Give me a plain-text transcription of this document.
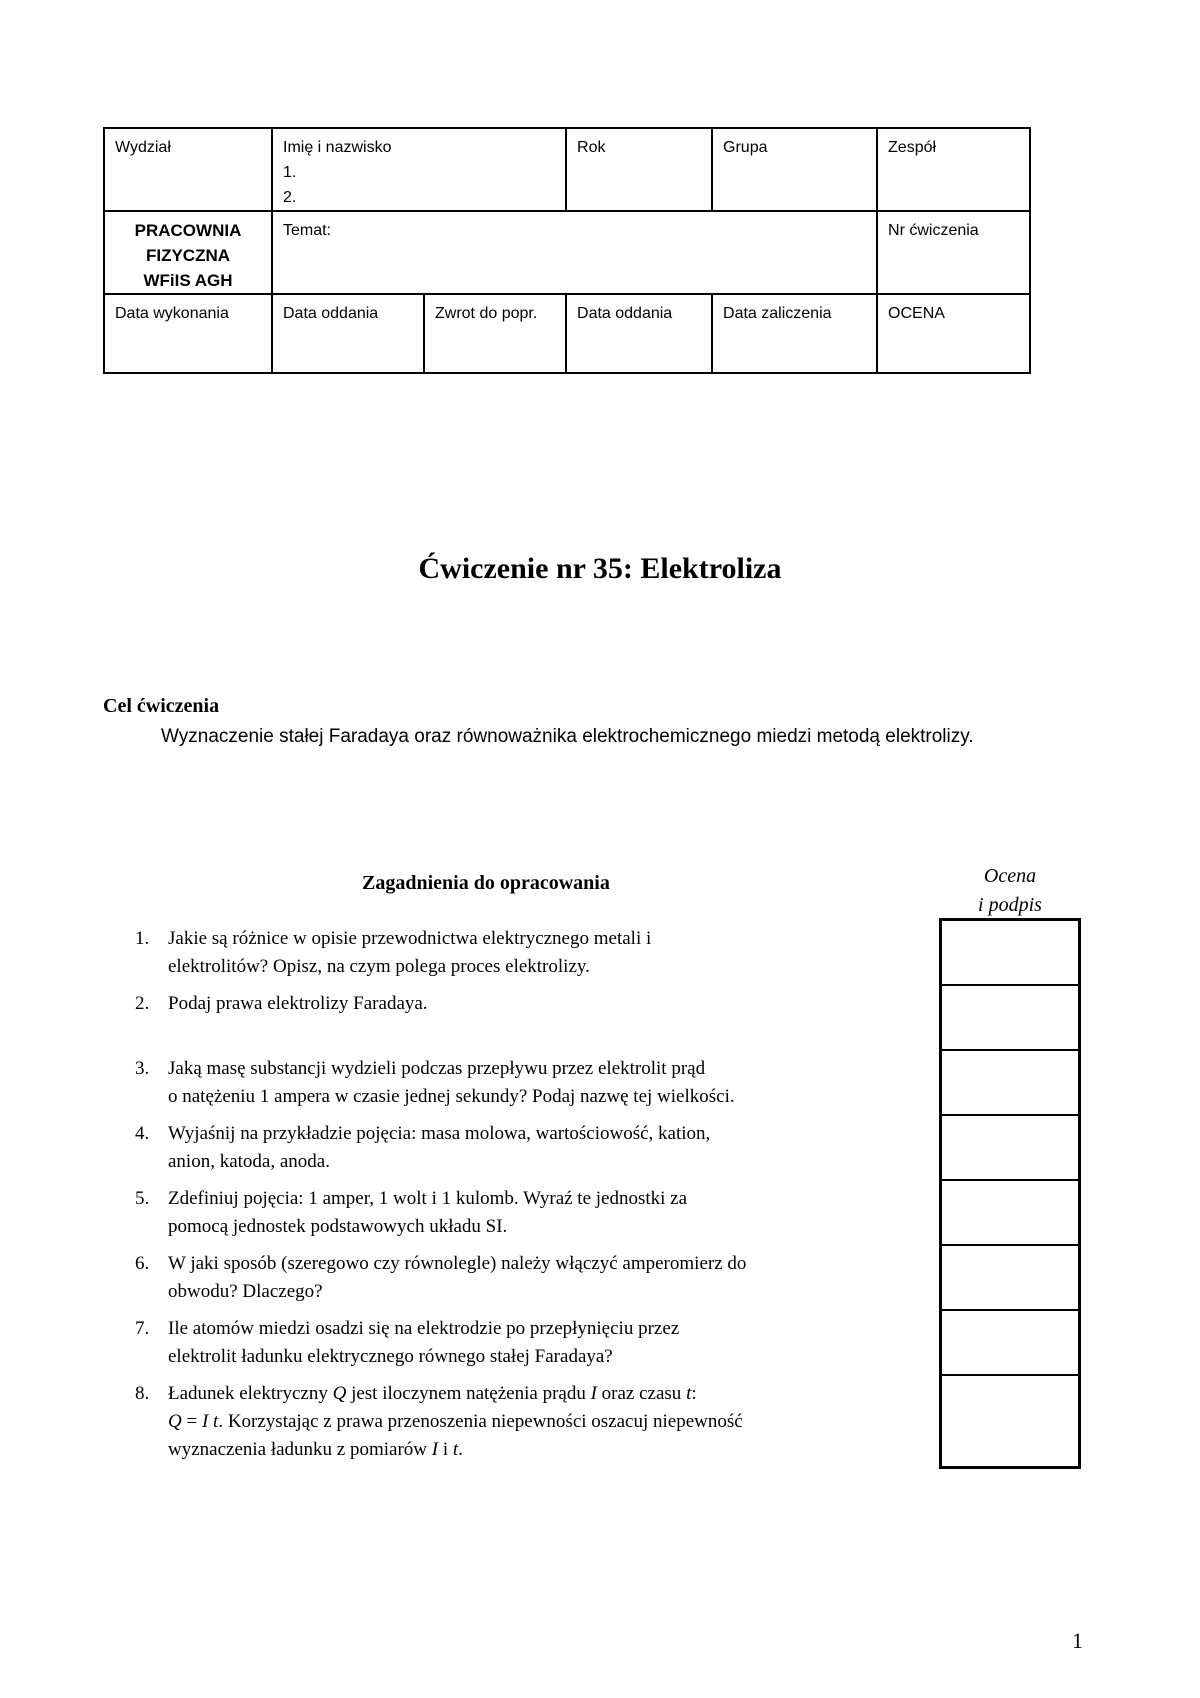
Wydział	Imię i nazwisko
1.
2.		Rok	Grupa	Zespół

PRACOWNIA
FIZYCZNA
WFiIS AGH	Temat:				Nr ćwiczenia
Data wykonania	Data oddania	Zwrot do popr.	Data oddania	Data zaliczenia	OCENA
Ćwiczenie nr 35: Elektroliza
Cel ćwiczenia
Wyznaczenie stałej Faradaya oraz równoważnika elektrochemicznego miedzi metodą elektrolizy.
Zagadnienia do opracowania	Ocena
i podpis
1. Jakie są różnice w opisie przewodnictwa elektrycznego metali i
elektrolitów? Opisz, na czym polega proces elektrolizy.
2. Podaj prawa elektrolizy Faradaya.
3. Jaką masę substancji wydzieli podczas przepływu przez elektrolit prąd
o natężeniu 1 ampera w czasie jednej sekundy? Podaj nazwę tej wielkości.
4. Wyjaśnij na przykładzie pojęcia: masa molowa, wartościowość, kation,
anion, katoda, anoda.
5. Zdefiniuj pojęcia: 1 amper, 1 wolt i 1 kulomb. Wyraź te jednostki za
pomocą jednostek podstawowych układu SI.
6. W jaki sposób (szeregowo czy równolegle) należy włączyć amperomierz do
obwodu? Dlaczego?
7. Ile atomów miedzi osadzi się na elektrodzie po przepłynięciu przez
elektrolit ładunku elektrycznego równego stałej Faradaya?
8. Ładunek elektryczny Q jest iloczynem natężenia prądu I oraz czasu t:
Q = I t. Korzystając z prawa przenoszenia niepewności oszacuj niepewność
wyznaczenia ładunku z pomiarów I i t.
1
